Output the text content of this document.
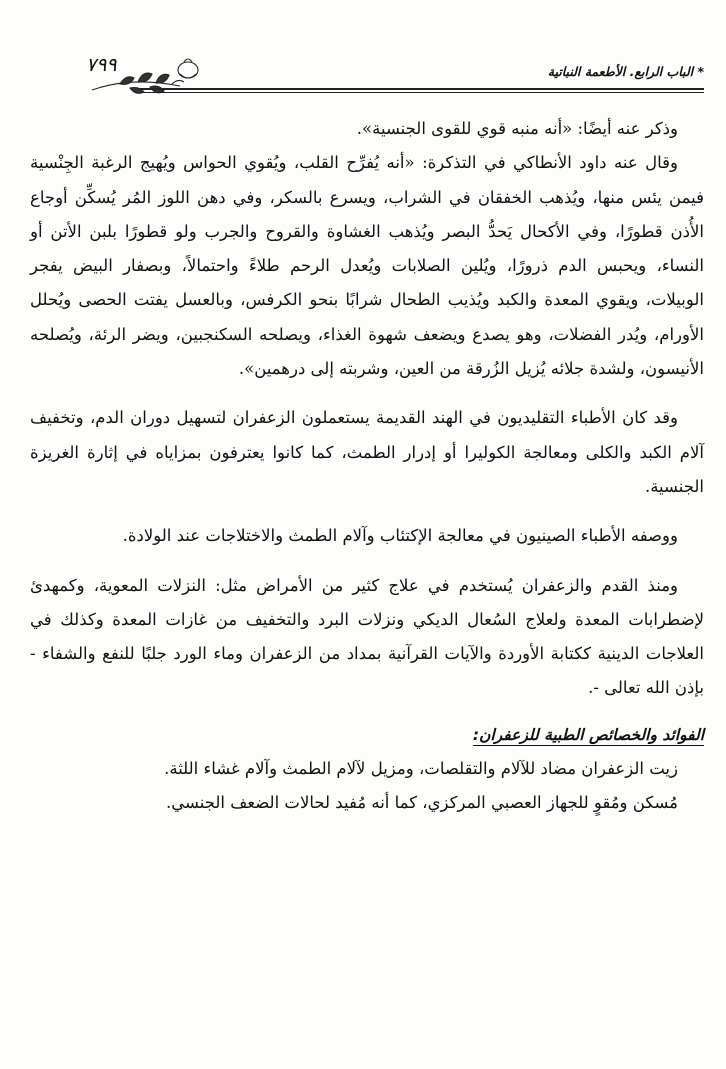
٧٩٩	* الباب الرابع. الأطعمة النباتية

وذكر عنه أيضًا: «أنه منبه قوي للقوى الجنسية».

وقال عنه داود الأنطاكي في التذكرة: «أنه يُفرِّح القلب، ويُقوي الحواس ويُهيج الرغبة الجِنْسية فيمن يئس منها، ويُذهب الخفقان في الشراب، ويسرع بالسكر، وفي دهن اللوز المُر يُسكِّن أوجاع الأُذن قطورًا، وفي الأكحال يَحدُّ البصر ويُذهب الغشاوة والقروح والجرب ولو قطورًا بلبن الأتن أو النساء، ويحبس الدم ذرورًا، ويُلين الصلابات ويُعدل الرحم طلاءً واحتمالاً، وبصفار البيض يفجر الوبيلات، ويقوي المعدة والكبد ويُذيب الطحال شرابًا بنحو الكرفس، وبالعسل يفتت الحصى ويُحلل الأورام، ويُدر الفضلات، وهو يصدع ويضعف شهوة الغذاء، ويصلحه السكنجبين، ويضر الرئة، ويُصلحه الأنيسون، ولشدة جلائه يُزيل الزُرقة من العين، وشربته إلى درهمين».

وقد كان الأطباء التقليديون في الهند القديمة يستعملون الزعفران لتسهيل دوران الدم، وتخفيف آلام الكبد والكلى ومعالجة الكوليرا أو إدرار الطمث، كما كانوا يعترفون بمزاياه في إثارة الغريزة الجنسية.

ووصفه الأطباء الصينيون في معالجة الإكتئاب وآلام الطمث والاختلاجات عند الولادة.

ومنذ القدم والزعفران يُستخدم في علاج كثير من الأمراض مثل: النزلات المعوية، وكمهدئ لإضطرابات المعدة ولعلاج السُعال الديكي ونزلات البرد والتخفيف من غازات المعدة وكذلك في العلاجات الدينية ككتابة الأوردة والآيات القرآنية بمداد من الزعفران وماء الورد جلبًا للنفع والشفاء - بإذن الله تعالى -.

الفوائد والخصائص الطبية للزعفران:

زيت الزعفران مضاد للآلام والتقلصات، ومزيل لآلام الطمث وآلام غشاء اللثة.

مُسكن ومُقوٍ للجهاز العصبي المركزي، كما أنه مُفيد لحالات الضعف الجنسي.
